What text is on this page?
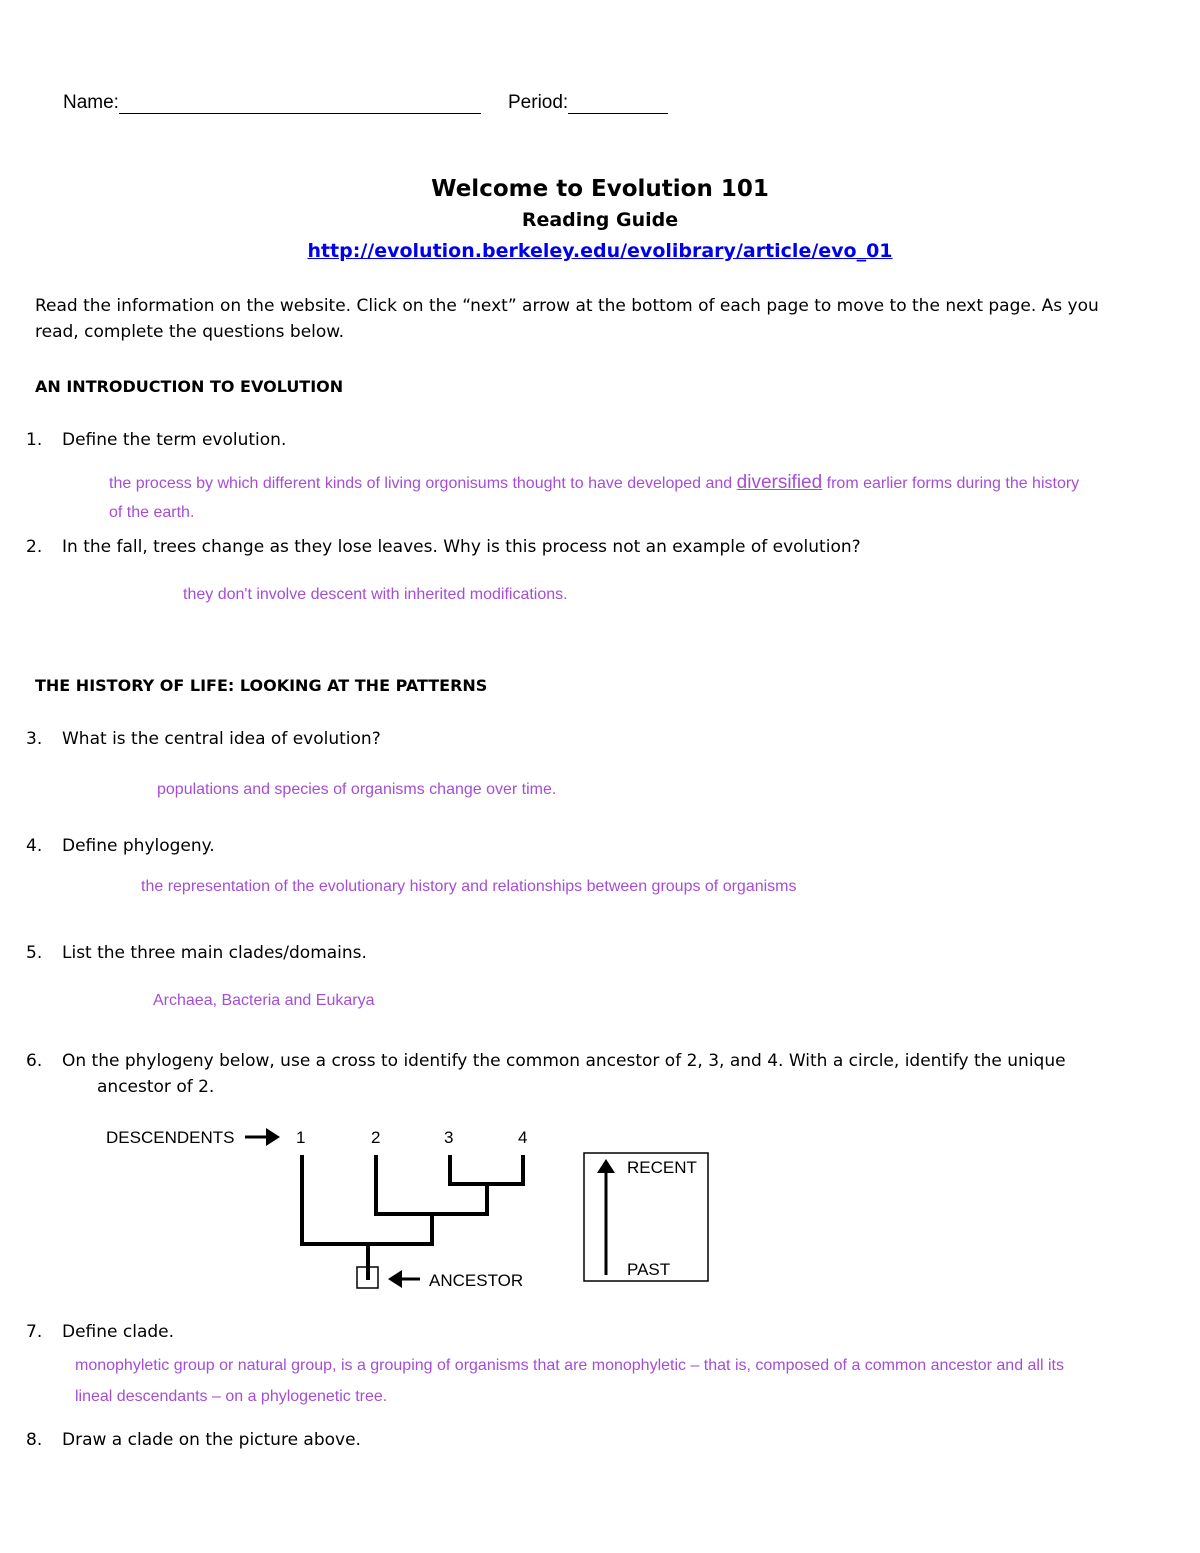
Name:	Period:
Welcome to Evolution 101
Reading Guide
http://evolution.berkeley.edu/evolibrary/article/evo_01
Read the information on the website. Click on the “next” arrow at the bottom of each page to move to the next page. As you
read, complete the questions below.
AN INTRODUCTION TO EVOLUTION
1. Define the term evolution.
the process by which different kinds of living orgonisums thought to have developed and diversified from earlier forms during the history
of the earth.
2. In the fall, trees change as they lose leaves. Why is this process not an example of evolution?
they don't involve descent with inherited modifications.
THE HISTORY OF LIFE: LOOKING AT THE PATTERNS
3. What is the central idea of evolution?
populations and species of organisms change over time.
4. Define phylogeny.
the representation of the evolutionary history and relationships between groups of organisms
5. List the three main clades/domains.
Archaea, Bacteria and Eukarya
6. On the phylogeny below, use a cross to identify the common ancestor of 2, 3, and 4. With a circle, identify the unique
ancestor of 2.
DESCENDENTS	1	2	3	4
ANCESTOR
RECENT
PAST
7. Define clade.
monophyletic group or natural group, is a grouping of organisms that are monophyletic – that is, composed of a common ancestor and all its
lineal descendants – on a phylogenetic tree.
8. Draw a clade on the picture above.
